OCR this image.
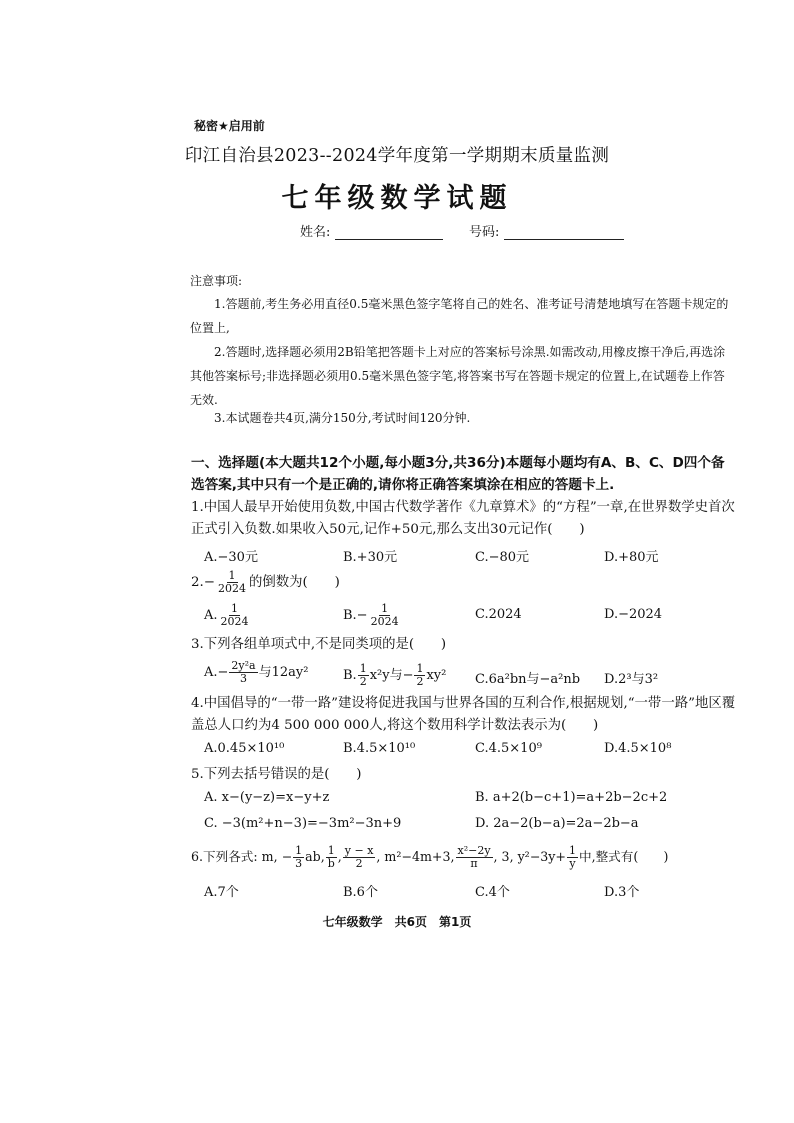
秘密★启用前
印江自治县2023--2024学年度第一学期期末质量监测
七年级数学试题
姓名:	号码:
注意事项:
1.答题前,考生务必用直径0.5毫米黑色签字笔将自己的姓名、准考证号清楚地填写在答题卡规定的位置上,
2.答题时,选择题必须用2B铅笔把答题卡上对应的答案标号涂黑.如需改动,用橡皮擦干净后,再选涂其他答案标号;非选择题必须用0.5毫米黑色签字笔,将答案书写在答题卡规定的位置上,在试题卷上作答无效.
3.本试题卷共4页,满分150分,考试时间120分钟.
一、选择题(本大题共12个小题,每小题3分,共36分)本题每小题均有A、B、C、D四个备选答案,其中只有一个是正确的,请你将正确答案填涂在相应的答题卡上.
1.中国人最早开始使用负数,中国古代数学著作《九章算术》的“方程”一章,在世界数学史首次正式引入负数.如果收入50元,记作+50元,那么支出30元记作(　　)
A.−30元	B.+30元	C.−80元	D.+80元
$2.- \frac{1}{2024}$ 的倒数为(　　)
A. $\frac{1}{2024}$	$B.- \frac{1}{2024}$	C.2024	D.−2024
3.下列各组单项式中,不是同类项的是(　　)
$A.- \frac{\text{2y²a}}{3}$ 与12ay²	B. $\frac{1}{2} x^2y$与− $\frac{1}{2} xy^2$ C.6a²bn与−a²nb D.2³与3²
4.中国倡导的“一带一路”建设将促进我国与世界各国的互利合作,根据规划,“一带一路”地区覆盖总人口约为4 500 000 000人,将这个数用科学计数法表示为(　　)
A.0.45×10¹⁰	B.4.5×10¹⁰	C.4.5×10⁹	D.4.5×10⁸
5.下列去括号错误的是(　　)
A. x−(y−z)=x−y+z	B. a+2(b−c+1)=a+2b−2c+2
C. −3(m²+n−3)=−3m²−3n+9	D. 2a−2(b−a)=2a−2b−a
6.下列各式: m, − $\frac{1}{3}$ ab, $\frac{1}{b}$ , $\frac{y - x}{2}$ , m²−4m+3, $\frac{\text{x²−2y}}{\pi}$ , 3, $y^2-3y+ \frac{1}{y}$ 中,整式有(　　)
A.7个	B.6个	C.4个	D.3个
七年级数学　共6页　第1页
